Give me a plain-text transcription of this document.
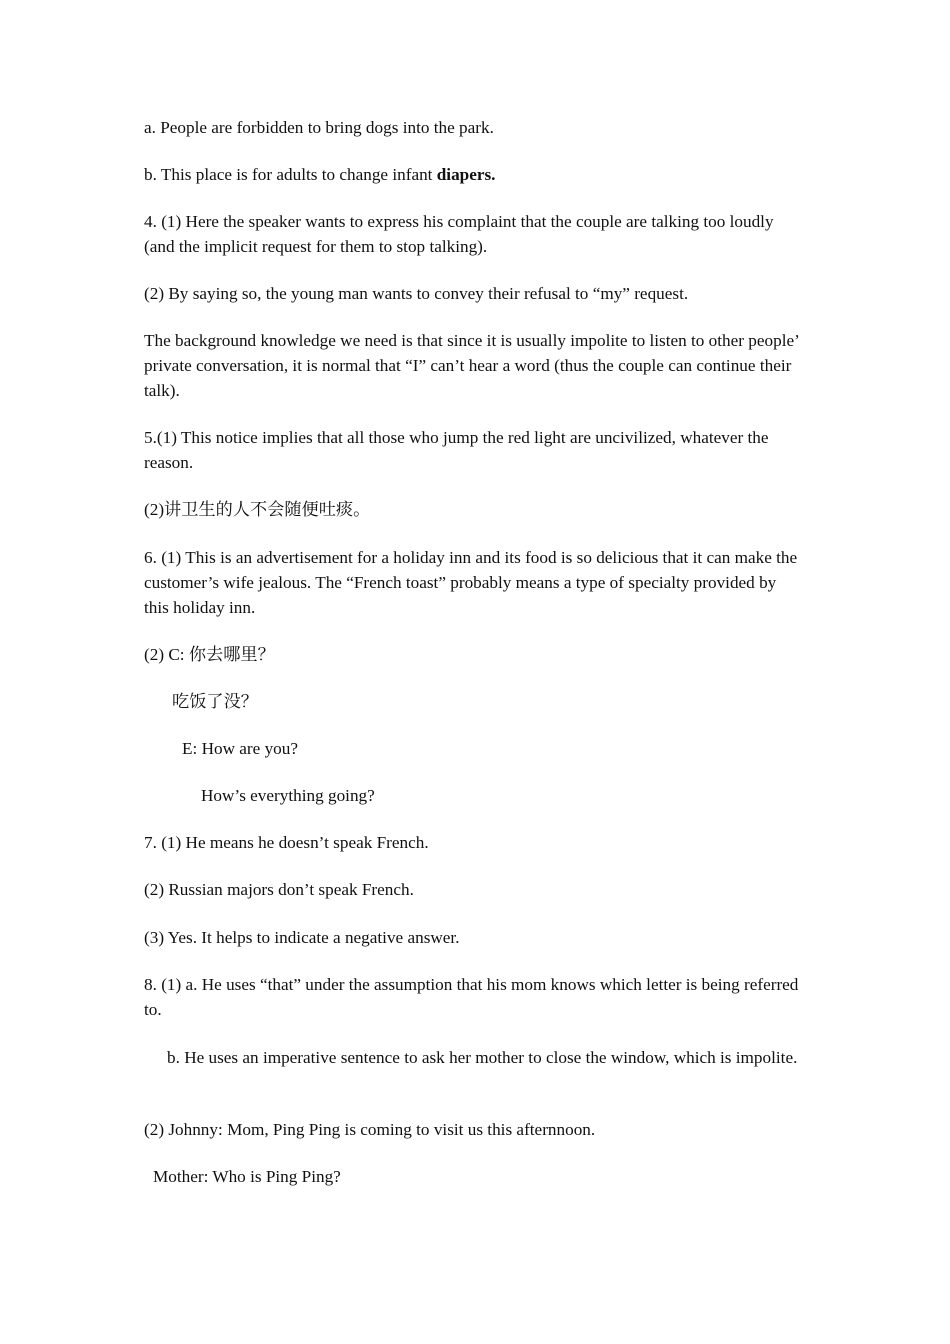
a. People are forbidden to bring dogs into the park.

b. This place is for adults to change infant diapers.

4. (1) Here the speaker wants to express his complaint that the couple are talking too loudly (and the implicit request for them to stop talking).

(2) By saying so, the young man wants to convey their refusal to “my” request.

The background knowledge we need is that since it is usually impolite to listen to other people’ private conversation, it is normal that “I” can’t hear a word (thus the couple can continue their talk).

5.(1) This notice implies that all those who jump the red light are uncivilized, whatever the reason.

(2)讲卫生的人不会随便吐痰。

6. (1) This is an advertisement for a holiday inn and its food is so delicious that it can make the customer’s wife jealous. The “French toast” probably means a type of specialty provided by this holiday inn.

(2) C: 你去哪里？

吃饭了没？

E: How are you?

How’s everything going?

7. (1) He means he doesn’t speak French.

(2) Russian majors don’t speak French.

(3) Yes. It helps to indicate a negative answer.

8. (1) a. He uses “that” under the assumption that his mom knows which letter is being referred to.

b. He uses an imperative sentence to ask her mother to close the window, which is impolite.

(2) Johnny: Mom, Ping Ping is coming to visit us this afternnoon.

Mother: Who is Ping Ping?
